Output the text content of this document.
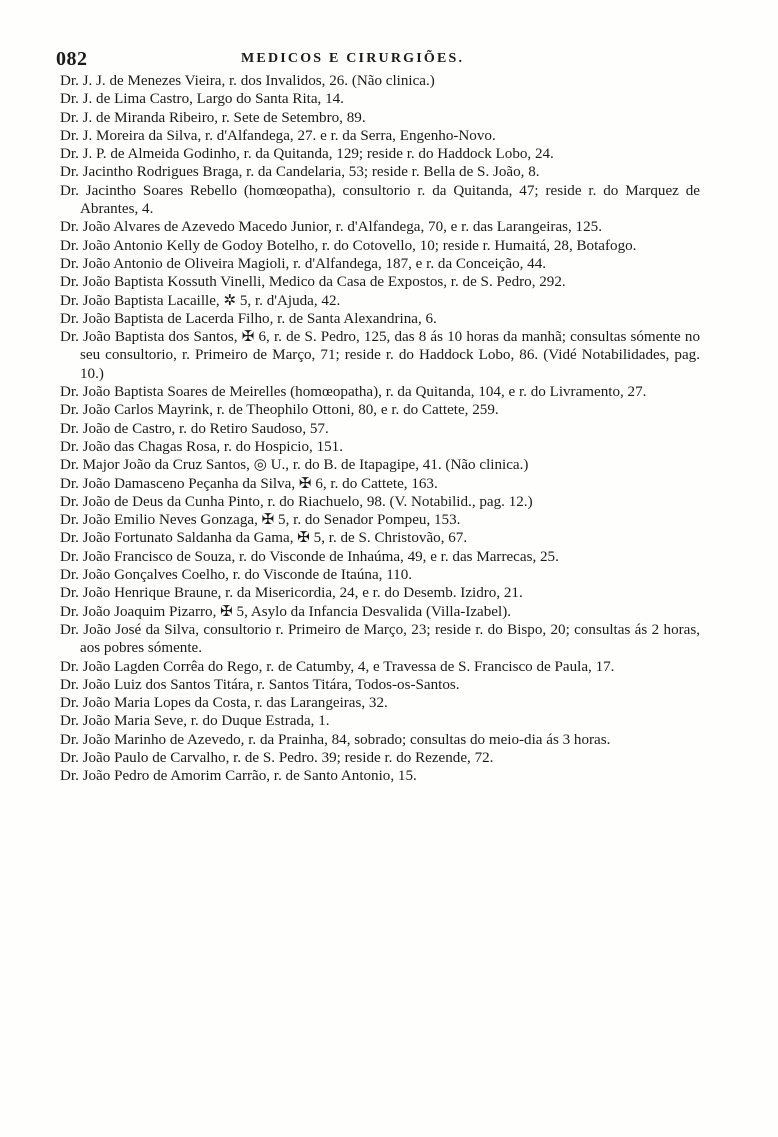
082	MEDICOS E CIRURGIÕES.

Dr. J. J. de Menezes Vieira, r. dos Invalidos, 26. (Não clinica.)

Dr. J. de Lima Castro, Largo do Santa Rita, 14.

Dr. J. de Miranda Ribeiro, r. Sete de Setembro, 89.

Dr. J. Moreira da Silva, r. d'Alfandega, 27. e r. da Serra, Engenho-Novo.

Dr. J. P. de Almeida Godinho, r. da Quitanda, 129; reside r. do Haddock Lobo, 24.

Dr. Jacintho Rodrigues Braga, r. da Candelaria, 53; reside r. Bella de S. João, 8.

Dr. Jacintho Soares Rebello (homœopatha), consultorio r. da Quitanda, 47; reside r. do Marquez de Abrantes, 4.

Dr. João Alvares de Azevedo Macedo Junior, r. d'Alfandega, 70, e r. das Larangeiras, 125.

Dr. João Antonio Kelly de Godoy Botelho, r. do Cotovello, 10; reside r. Humaitá, 28, Botafogo.

Dr. João Antonio de Oliveira Magioli, r. d'Alfandega, 187, e r. da Conceição, 44.

Dr. João Baptista Kossuth Vinelli, Medico da Casa de Expostos, r. de S. Pedro, 292.

Dr. João Baptista Lacaille, ✲ 5, r. d'Ajuda, 42.

Dr. João Baptista de Lacerda Filho, r. de Santa Alexandrina, 6.

Dr. João Baptista dos Santos, ✠ 6, r. de S. Pedro, 125, das 8 ás 10 horas da manhã; consultas sómente no seu consultorio, r. Primeiro de Março, 71; reside r. do Haddock Lobo, 86. (Vidé Notabilidades, pag. 10.)

Dr. João Baptista Soares de Meirelles (homœopatha), r. da Quitanda, 104, e r. do Livramento, 27.

Dr. João Carlos Mayrink, r. de Theophilo Ottoni, 80, e r. do Cattete, 259.

Dr. João de Castro, r. do Retiro Saudoso, 57.

Dr. João das Chagas Rosa, r. do Hospicio, 151.

Dr. Major João da Cruz Santos, ◎ U., r. do B. de Itapagipe, 41. (Não clinica.)

Dr. João Damasceno Peçanha da Silva, ✠ 6, r. do Cattete, 163.

Dr. João de Deus da Cunha Pinto, r. do Riachuelo, 98. (V. Notabilid., pag. 12.)

Dr. João Emilio Neves Gonzaga, ✠ 5, r. do Senador Pompeu, 153.

Dr. João Fortunato Saldanha da Gama, ✠ 5, r. de S. Christovão, 67.

Dr. João Francisco de Souza, r. do Visconde de Inhaúma, 49, e r. das Marrecas, 25.

Dr. João Gonçalves Coelho, r. do Visconde de Itaúna, 110.

Dr. João Henrique Braune, r. da Misericordia, 24, e r. do Desemb. Izidro, 21.

Dr. João Joaquim Pizarro, ✠ 5, Asylo da Infancia Desvalida (Villa-Izabel).

Dr. João José da Silva, consultorio r. Primeiro de Março, 23; reside r. do Bispo, 20; consultas ás 2 horas, aos pobres sómente.

Dr. João Lagden Corrêa do Rego, r. de Catumby, 4, e Travessa de S. Francisco de Paula, 17.

Dr. João Luiz dos Santos Titára, r. Santos Titára, Todos-os-Santos.

Dr. João Maria Lopes da Costa, r. das Larangeiras, 32.

Dr. João Maria Seve, r. do Duque Estrada, 1.

Dr. João Marinho de Azevedo, r. da Prainha, 84, sobrado; consultas do meio-dia ás 3 horas.

Dr. João Paulo de Carvalho, r. de S. Pedro. 39; reside r. do Rezende, 72.

Dr. João Pedro de Amorim Carrão, r. de Santo Antonio, 15.
